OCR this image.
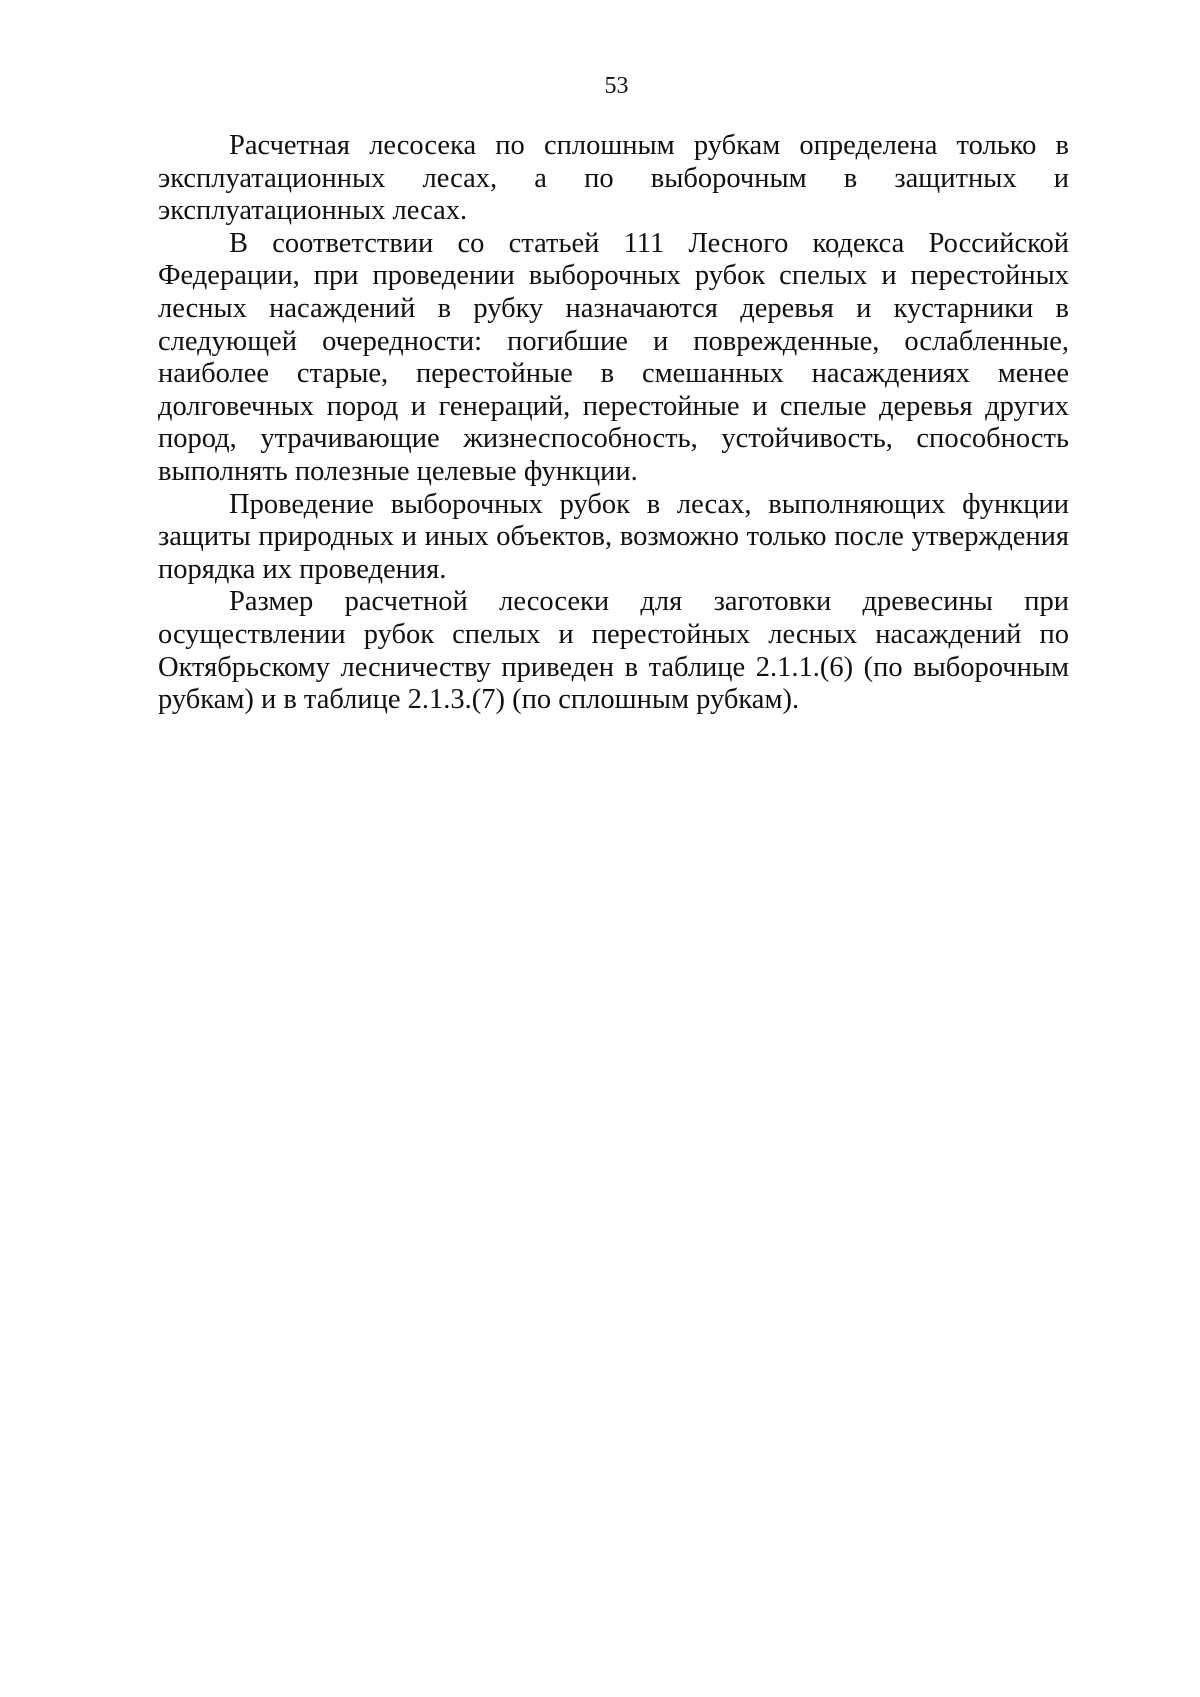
53

Расчетная лесосека по сплошным рубкам определена только в эксплуатационных лесах, а по выборочным в защитных и эксплуатационных лесах.

В соответствии со статьей 111 Лесного кодекса Российской Федерации, при проведении выборочных рубок спелых и перестойных лесных насаждений в рубку назначаются деревья и кустарники в следующей очередности: погибшие и поврежденные, ослабленные, наиболее старые, перестойные в смешанных насаждениях менее долговечных пород и генераций, перестойные и спелые деревья других пород, утрачивающие жизнеспособность, устойчивость, способность выполнять полезные целевые функции.

Проведение выборочных рубок в лесах, выполняющих функции защиты природных и иных объектов, возможно только после утверждения порядка их проведения.

Размер расчетной лесосеки для заготовки древесины при осуществлении рубок спелых и перестойных лесных насаждений по Октябрьскому лесничеству приведен в таблице 2.1.1.(6) (по выборочным рубкам) и в таблице 2.1.3.(7) (по сплошным рубкам).
